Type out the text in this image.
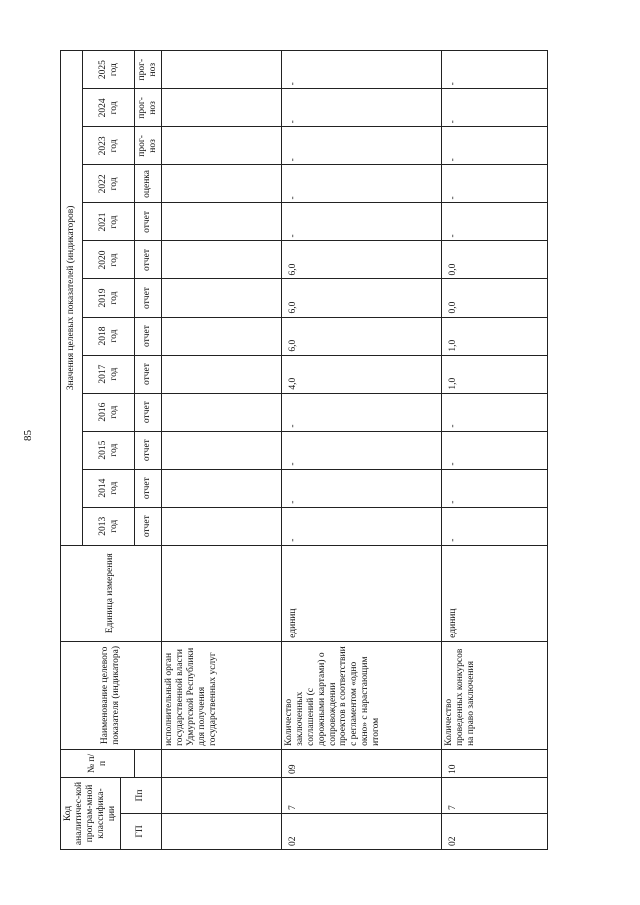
85
Код аналитичес-кой програм-мной классифика-ции		№ п/п	Наименование целевого показателя (индикатора)	Единица измерения	Значения целевых показателей (индикаторов)												
					2013 год	2014 год	2015 год	2016 год	2017 год	2018 год	2019 год	2020 год	2021 год	2022 год	2023 год	2024 год	2025 год
ГП	Пп																
					отчет	отчет	отчет	отчет	отчет	отчет	отчет	отчет	отчет	оценка	прог-ноз	прог-ноз	прог-ноз
			исполнительный орган государственной власти Удмуртской Республики для получения государственных услуг														
02	7	09	Количество заключенных соглашений (с дорожными картами) о сопровождении проектов в соответствии с регламентом «одно окно» с нарастающим итогом	единиц	-	-	-	-	4,0	6,0	6,0	6,0	-	-	-	-	-
02	7	10	Количество проведенных конкурсов на право заключения	единиц	-	-	-	-	1,0	1,0	0,0	0,0	-	-	-	-	-
